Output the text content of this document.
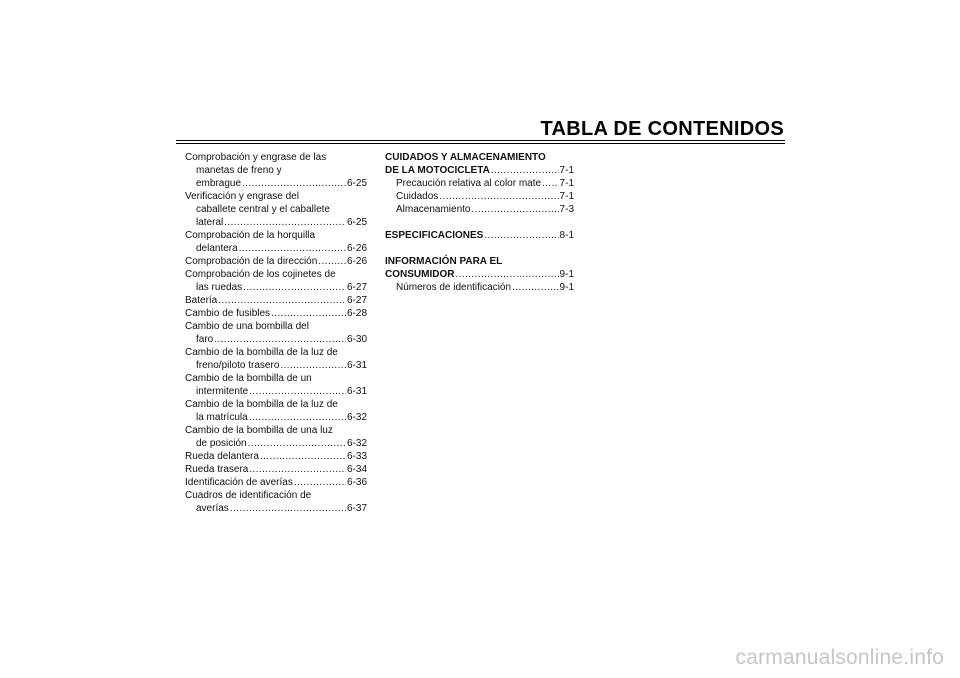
TABLA DE CONTENIDOS
Comprobación y engrase de las
manetas de freno y
embrague .....	6-25
Verificación y engrase del
caballete central y el caballete
lateral .....	6-25
Comprobación de la horquilla
delantera .....	6-26
Comprobación de la dirección .....	6-26
Comprobación de los cojinetes de
las ruedas .....	6-27
Batería .....	6-27
Cambio de fusibles .....	6-28
Cambio de una bombilla del
faro .....	6-30
Cambio de la bombilla de la luz de
freno/piloto trasero .....	6-31
Cambio de la bombilla de un
intermitente .....	6-31
Cambio de la bombilla de la luz de
la matrícula .....	6-32
Cambio de la bombilla de una luz
de posición .....	6-32
Rueda delantera .....	6-33
Rueda trasera .....	6-34
Identificación de averías .....	6-36
Cuadros de identificación de
averías .....	6-37
CUIDADOS Y ALMACENAMIENTO
DE LA MOTOCICLETA .....	7-1
Precaución relativa al color mate ..... 7-1
Cuidados .....	7-1
Almacenamiento .....	7-3
ESPECIFICACIONES .....	8-1
INFORMACIÓN PARA EL
CONSUMIDOR .....	9-1
Números de identificación .....	9-1
carmanualsonline.info
